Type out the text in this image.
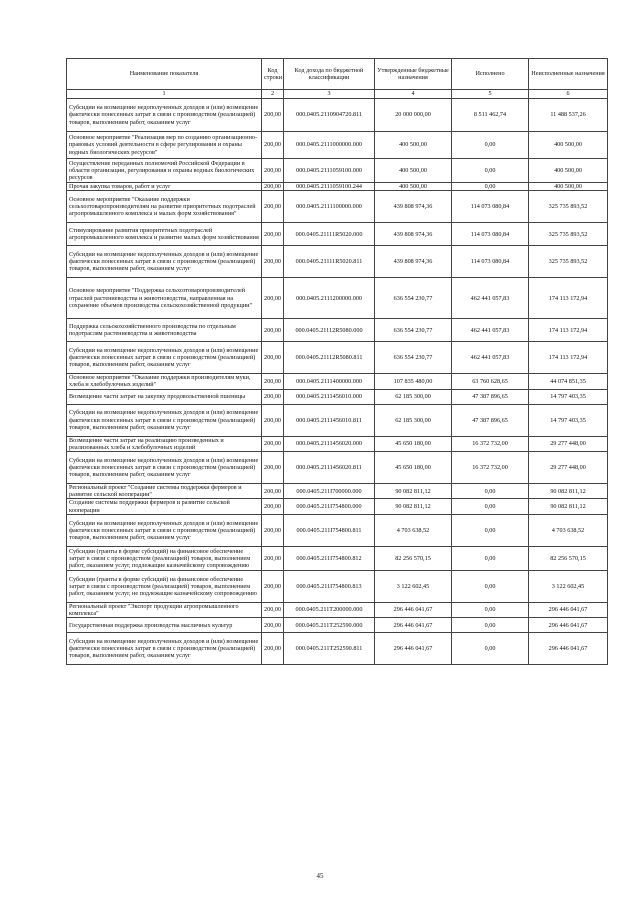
Наименование показателя	Код строки	Код дохода по бюджетной классификации	Утвержденные бюджетные назначения	Исполнено	Неисполненные назначения
1	2	3	4	5	6
Субсидии на возмещение недополученных доходов и (или) возмещение фактически понесенных затрат в связи с производством (реализацией) товаров, выполнением работ, оказанием услуг	200,00	000.0405.2110904720.811	20 000 000,00	8 511 462,74	11 488 537,26
Основное мероприятие "Реализация мер по созданию организационно-правовых условий деятельности в сфере регулирования и охраны водных биологических ресурсов"	200,00	000.0405.2111000000.000	400 500,00	0,00	400 500,00
Осуществление переданных полномочий Российской Федерации в области организации, регулирования и охраны водных биологических ресурсов	200,00	000.0405.2111059100.000	400 500,00	0,00	400 500,00
Прочая закупка товаров, работ и услуг	200,00	000.0405.2111059100.244	400 500,00	0,00	400 500,00
Основное мероприятие "Оказание поддержки сельхозтоваропроизводителям на развитие приоритетных подотраслей агропромышленного комплекса и малых форм хозяйствования"	200,00	000.0405.2111100000.000	439 808 974,36	114 073 080,84	325 735 893,52
Стимулирование развития приоритетных подотраслей агропромышленного комплекса и развитие малых форм хозяйствования	200,00	000.0405.21111R5020.000	439 808 974,36	114 073 080,84	325 735 893,52
Субсидии на возмещение недополученных доходов и (или) возмещение фактически понесенных затрат в связи с производством (реализацией) товаров, выполнением работ, оказанием услуг	200,00	000.0405.21111R5020.811	439 808 974,36	114 073 080,84	325 735 893,52
Основное мероприятие "Поддержка сельхозтоваропроизводителей отраслей растениеводства и животноводства, направленная на сохранение объемов производства сельскохозяйственной продукции"	200,00	000.0405.2111200000.000	636 554 230,77	462 441 057,83	174 113 172,94
Поддержка сельскохозяйственного производства по отдельным подотраслям растениеводства и животноводства	200,00	000.0405.21112R5080.000	636 554 230,77	462 441 057,83	174 113 172,94
Субсидии на возмещение недополученных доходов и (или) возмещение фактически понесенных затрат в связи с производством (реализацией) товаров, выполнением работ, оказанием услуг	200,00	000.0405.21112R5080.811	636 554 230,77	462 441 057,83	174 113 172,94
Основное мероприятие "Оказание поддержки производителям муки, хлеба и хлебобулочных изделий"	200,00	000.0405.2111400000.000	107 835 480,00	63 760 628,65	44 074 851,35
Возмещение части затрат на закупку продовольственной пшеницы	200,00	000.0405.2111456010.000	62 185 300,00	47 387 896,65	14 797 403,35
Субсидии на возмещение недополученных доходов и (или) возмещение фактически понесенных затрат в связи с производством (реализацией) товаров, выполнением работ, оказанием услуг	200,00	000.0405.2111456010.811	62 185 300,00	47 387 896,65	14 797 403,35
Возмещение части затрат на реализацию произведенных и реализованных хлеба и хлебобулочных изделий	200,00	000.0405.2111456020.000	45 650 180,00	16 372 732,00	29 277 448,00
Субсидии на возмещение недополученных доходов и (или) возмещение фактически понесенных затрат в связи с производством (реализацией) товаров, выполнением работ, оказанием услуг	200,00	000.0405.2111456020.811	45 650 180,00	16 372 732,00	29 277 448,00
Региональный проект "Создание системы поддержки фермеров и развитие сельской кооперации"	200,00	000.0405.211I700000.000	90 082 811,12	0,00	90 082 811,12
Создание системы поддержки фермеров и развитие сельской кооперации	200,00	000.0405.211I754800.000	90 082 811,12	0,00	90 082 811,12
Субсидии на возмещение недополученных доходов и (или) возмещение фактически понесенных затрат в связи с производством (реализацией) товаров, выполнением работ, оказанием услуг	200,00	000.0405.211I754800.811	4 703 638,52	0,00	4 703 638,52
Субсидии (гранты в форме субсидий) на финансовое обеспечение затрат в связи с производством (реализацией) товаров, выполнением работ, оказанием услуг, подлежащие казначейскому сопровождению	200,00	000.0405.211I754800.812	82 256 570,15	0,00	82 256 570,15
Субсидии (гранты в форме субсидий) на финансовое обеспечение затрат в связи с производством (реализацией) товаров, выполнением работ, оказанием услуг, не подлежащие казначейскому сопровождению	200,00	000.0405.211I754800.813	3 122 602,45	0,00	3 122 602,45
Региональный проект "Экспорт продукции агропромышленного комплекса"	200,00	000.0405.211T200000.000	296 446 041,67	0,00	296 446 041,67
Государственная поддержка производства масличных культур	200,00	000.0405.211T252590.000	296 446 041,67	0,00	296 446 041,67
Субсидии на возмещение недополученных доходов и (или) возмещение фактически понесенных затрат в связи с производством (реализацией) товаров, выполнением работ, оказанием услуг	200,00	000.0405.211T252590.811	296 446 041,67	0,00	296 446 041,67
45
